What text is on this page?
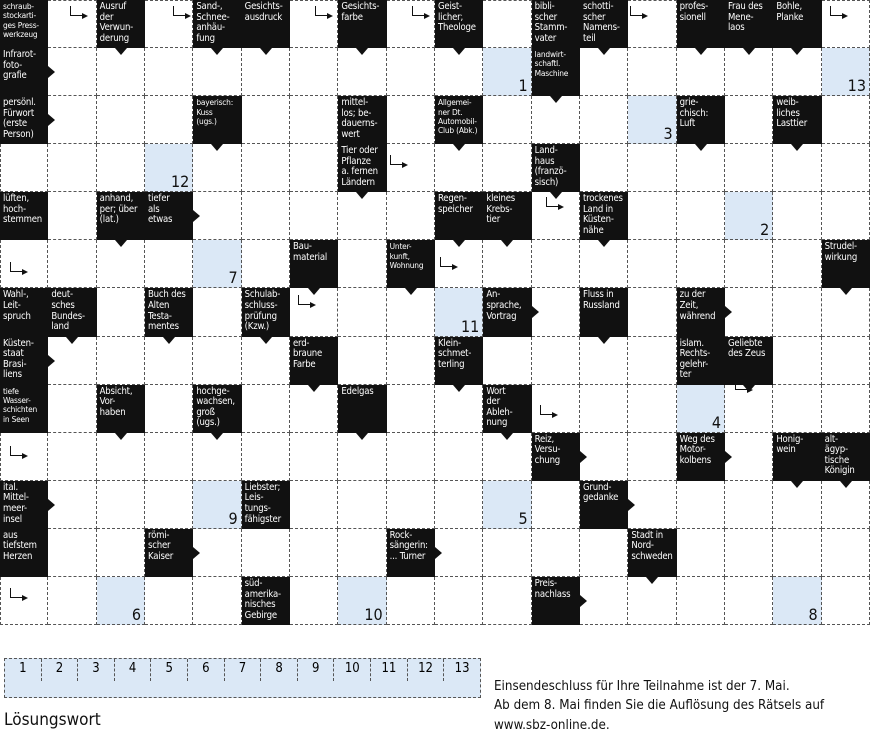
1	13
3
12
2
7
11
4
9	5
6	10	8
schraub-
stockarti-
ges Press-
werkzeug
Ausruf
der
Verwun-
derung
Sand-,
Schnee-
anhäu-
fung
Gesichts-
ausdruck
Gesichts-
farbe
Geist-
licher;
Theologe
bibli-
scher
Stamm-
vater
schotti-
scher
Namens-
teil
profes-
sionell
Frau des
Mene-
laos
Bohle,
Planke
Infrarot-
foto-
grafie
landwirt-
schaftl.
Maschine
persönl.
Fürwort
(erste
Person)
bayerisch:
Kuss
(ugs.)
mittel-
los; be-
dauerns-
wert
Allgemei-
ner Dt.
Automobil-
Club (Abk.)
grie-
chisch:
Luft
weib-
liches
Lasttier
Tier oder
Pflanze
a. fernen
Ländern
Land-
haus
(franzö-
sisch)
lüften,
hoch-
stemmen
anhand,
per; über
(lat.)
tiefer
als
etwas
Regen-
speicher
kleines
Krebs-
tier
trockenes
Land in
Küsten-
nähe
Bau-
material
Unter-
kunft,
Wohnung
Strudel-
wirkung
Wahl-,
Leit-
spruch
deut-
sches
Bundes-
land
Buch des
Alten
Testa-
mentes
Schulab-
schluss-
prüfung
(Kzw.)
An-
sprache,
Vortrag
Fluss in
Russland
zu der
Zeit,
während
Küsten-
staat
Brasi-
liens
erd-
braune
Farbe
Klein-
schmet-
terling
islam.
Rechts-
gelehr-
ter
Geliebte
des Zeus
tiefe
Wasser-
schichten
in Seen
Absicht,
Vor-
haben
hochge-
wachsen,
groß
(ugs.)
Edelgas	Wort
der
Ableh-
nung
Reiz,
Versu-
chung
Weg des
Motor-
kolbens
Honig-
wein
alt-
ägyp-
tische
Königin
ital.
Mittel-
meer-
insel
Liebster;
Leis-
tungs-
fähigster
Grund-
gedanke
aus
tiefstem
Herzen
römi-
scher
Kaiser
Rock-
sängerin:
... Turner
Stadt in
Nord-
schweden
süd-
amerika-
nisches
Gebirge
Preis-
nachlass
1	2	3	4	5	6	7	8	9	10	11	12	13
Lösungswort
Einsendeschluss für Ihre Teilnahme ist der 7. Mai.
Ab dem 8. Mai finden Sie die Auflösung des Rätsels auf
www.sbz-online.de.
